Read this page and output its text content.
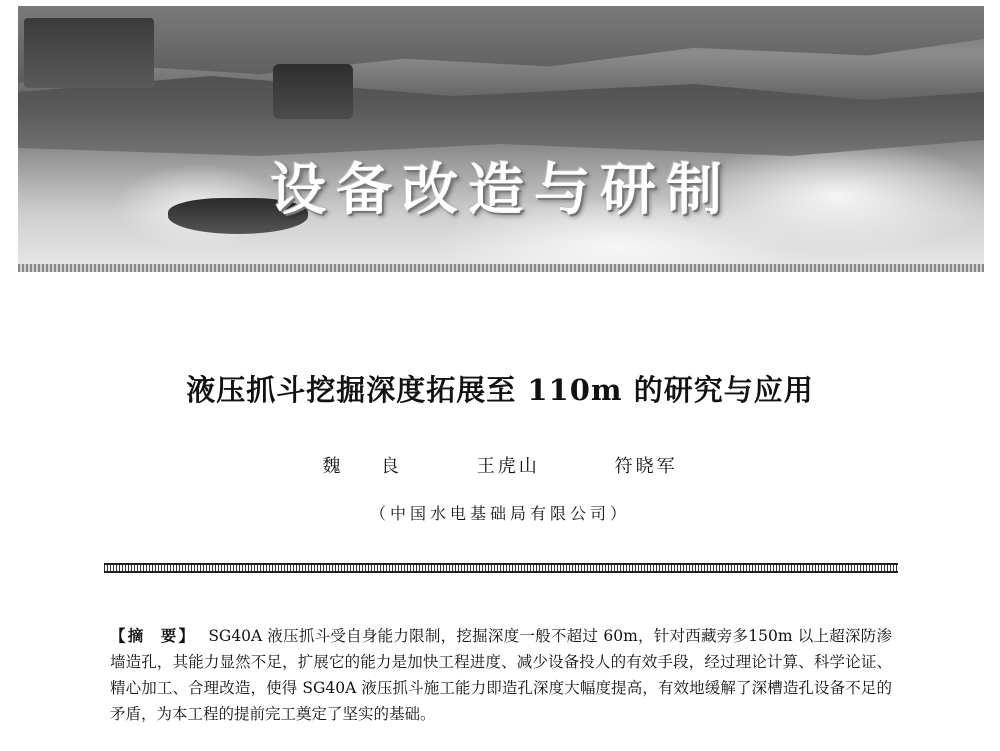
设备改造与研制
液压抓斗挖掘深度拓展至 110m 的研究与应用
魏  良    王虎山    符晓军
（中国水电基础局有限公司）
【摘  要】 SG40A 液压抓斗受自身能力限制，挖掘深度一般不超过 60m，针对西藏旁多150m 以上超深防渗墙造孔，其能力显然不足，扩展它的能力是加快工程进度、减少设备投人的有效手段，经过理论计算、科学论证、精心加工、合理改造，使得 SG40A 液压抓斗施工能力即造孔深度大幅度提高，有效地缓解了深槽造孔设备不足的矛盾，为本工程的提前完工奠定了坚实的基础。
